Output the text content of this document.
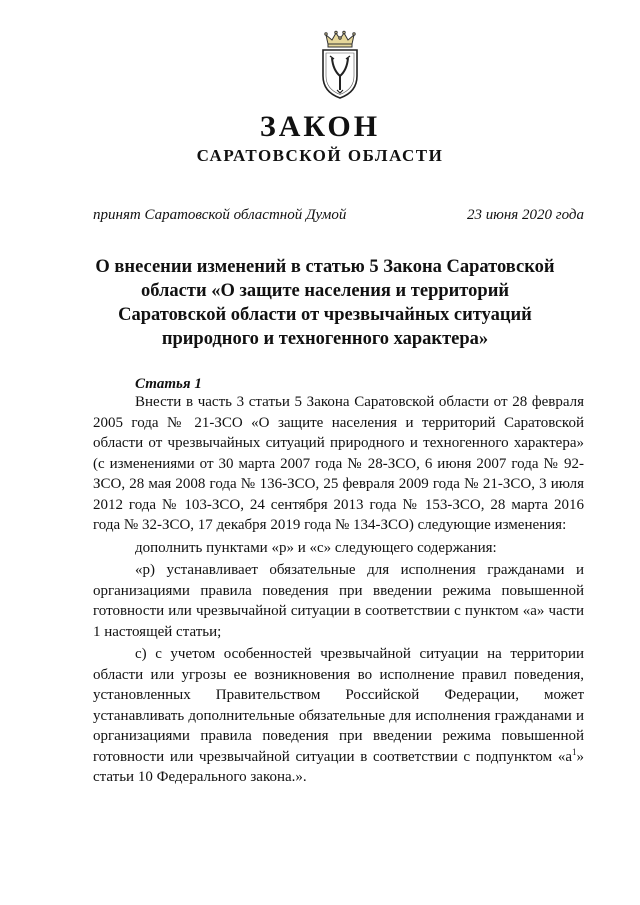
ЗАКОН
САРАТОВСКОЙ ОБЛАСТИ
принят Саратовской областной Думой	23 июня 2020 года
О внесении изменений в статью 5 Закона Саратовской области «О защите населения и территорий Саратовской области от чрезвычайных ситуаций природного и техногенного характера»
Статья 1

Внести в часть 3 статьи 5 Закона Саратовской области от 28 февраля 2005 года № 21-ЗСО «О защите населения и территорий Саратовской области от чрезвычайных ситуаций природного и техногенного характера» (с изменениями от 30 марта 2007 года № 28-ЗСО, 6 июня 2007 года № 92-ЗСО, 28 мая 2008 года № 136-ЗСО, 25 февраля 2009 года № 21-ЗСО, 3 июля 2012 года № 103-ЗСО, 24 сентября 2013 года № 153-ЗСО, 28 марта 2016 года № 32-ЗСО, 17 декабря 2019 года № 134-ЗСО) следующие изменения:

дополнить пунктами «р» и «с» следующего содержания:

«р) устанавливает обязательные для исполнения гражданами и организациями правила поведения при введении режима повышенной готовности или чрезвычайной ситуации в соответствии с пунктом «а» части 1 настоящей статьи;

с) с учетом особенностей чрезвычайной ситуации на территории области или угрозы ее возникновения во исполнение правил поведения, установленных Правительством Российской Федерации, может устанавливать дополнительные обязательные для исполнения гражданами и организациями правила поведения при введении режима повышенной готовности или чрезвычайной ситуации в соответствии с подпунктом «$а^1$» статьи 10 Федерального закона.».
